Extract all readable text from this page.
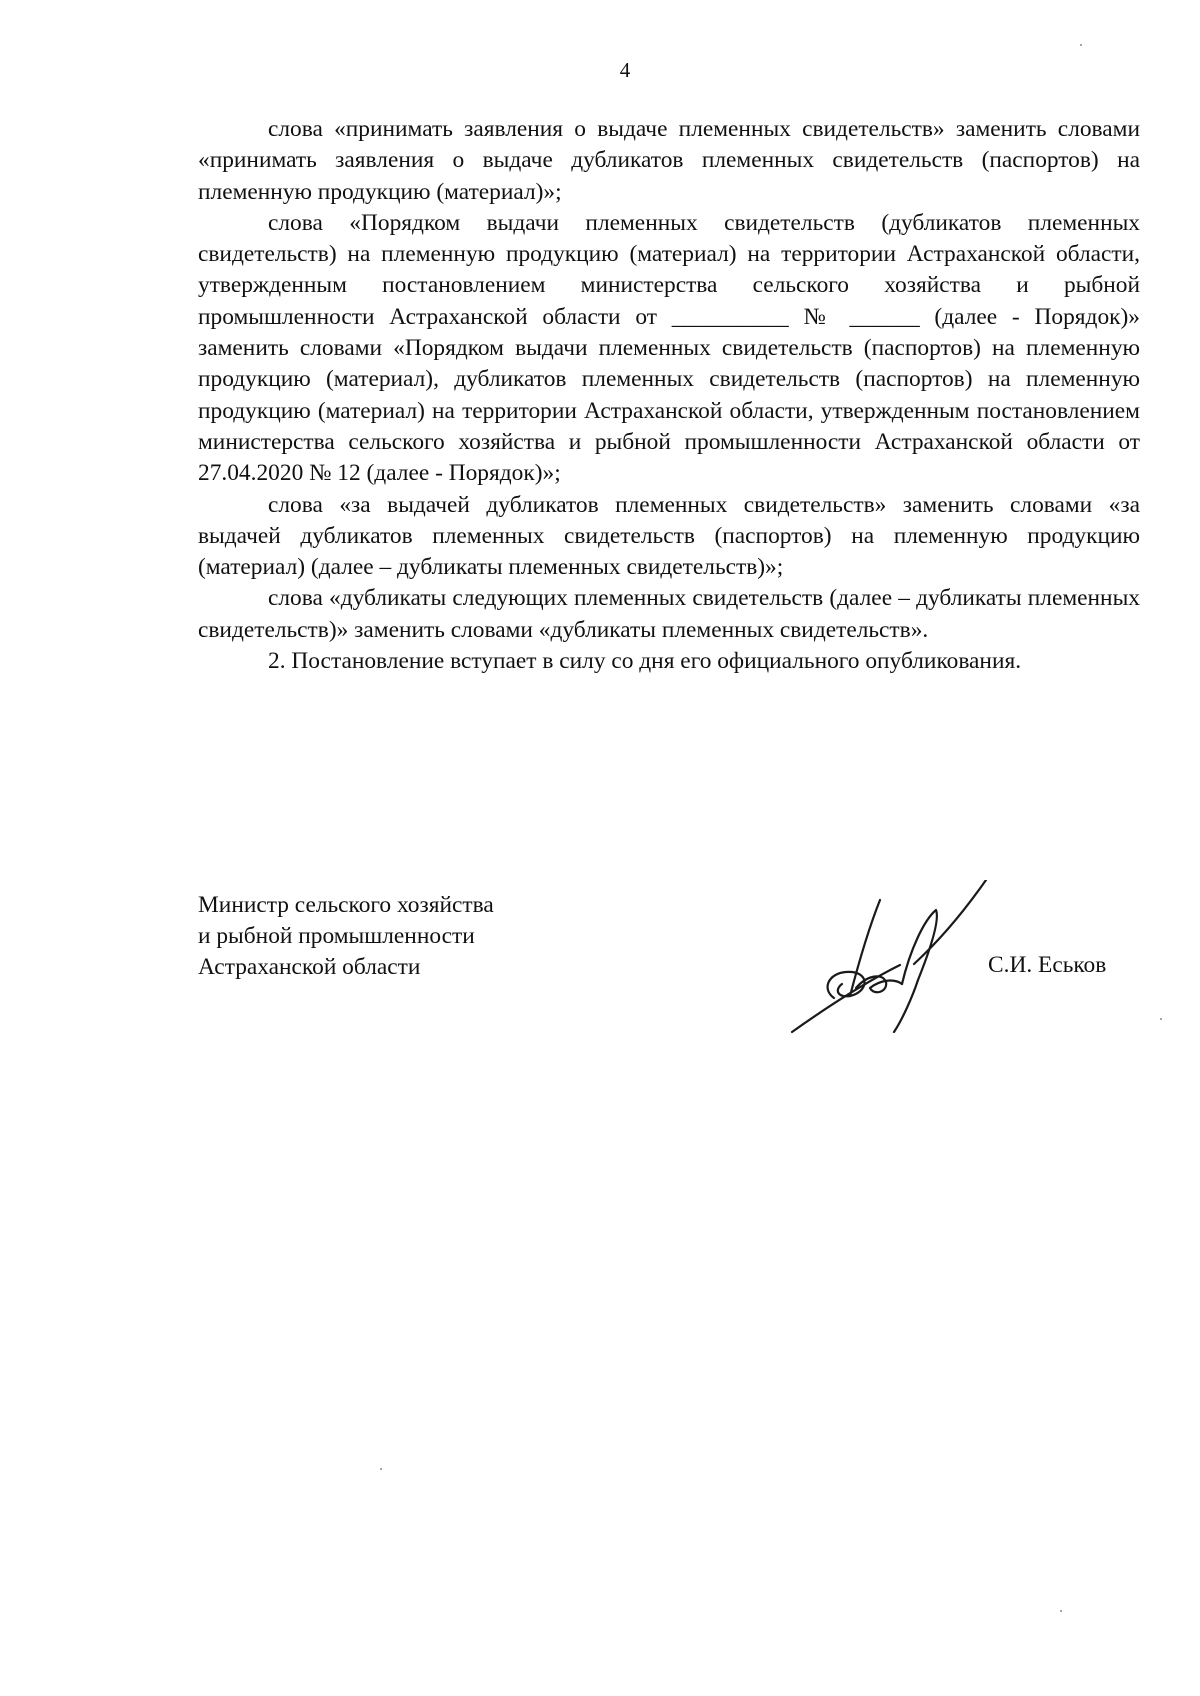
4

слова «принимать заявления о выдаче племенных свидетельств» заменить словами «принимать заявления о выдаче дубликатов племенных свидетельств (паспортов) на племенную продукцию (материал)»;

слова «Порядком выдачи племенных свидетельств (дубликатов племенных свидетельств) на племенную продукцию (материал) на территории Астраханской области, утвержденным постановлением министерства сельского хозяйства и рыбной промышленности Астраханской области от __________ № ______ (далее - Порядок)» заменить словами «Порядком выдачи племенных свидетельств (паспортов) на племенную продукцию (материал), дубликатов племенных свидетельств (паспортов) на племенную продукцию (материал) на территории Астраханской области, утвержденным постановлением министерства сельского хозяйства и рыбной промышленности Астраханской области от 27.04.2020 № 12 (далее - Порядок)»;

слова «за выдачей дубликатов племенных свидетельств» заменить словами «за выдачей дубликатов племенных свидетельств (паспортов) на племенную продукцию (материал) (далее – дубликаты племенных свидетельств)»;

слова «дубликаты следующих племенных свидетельств (далее – дубликаты племенных свидетельств)» заменить словами «дубликаты племенных свидетельств».

2. Постановление вступает в силу со дня его официального опубликования.

Министр сельского хозяйства
и рыбной промышленности
Астраханской области	С.И. Еськов
